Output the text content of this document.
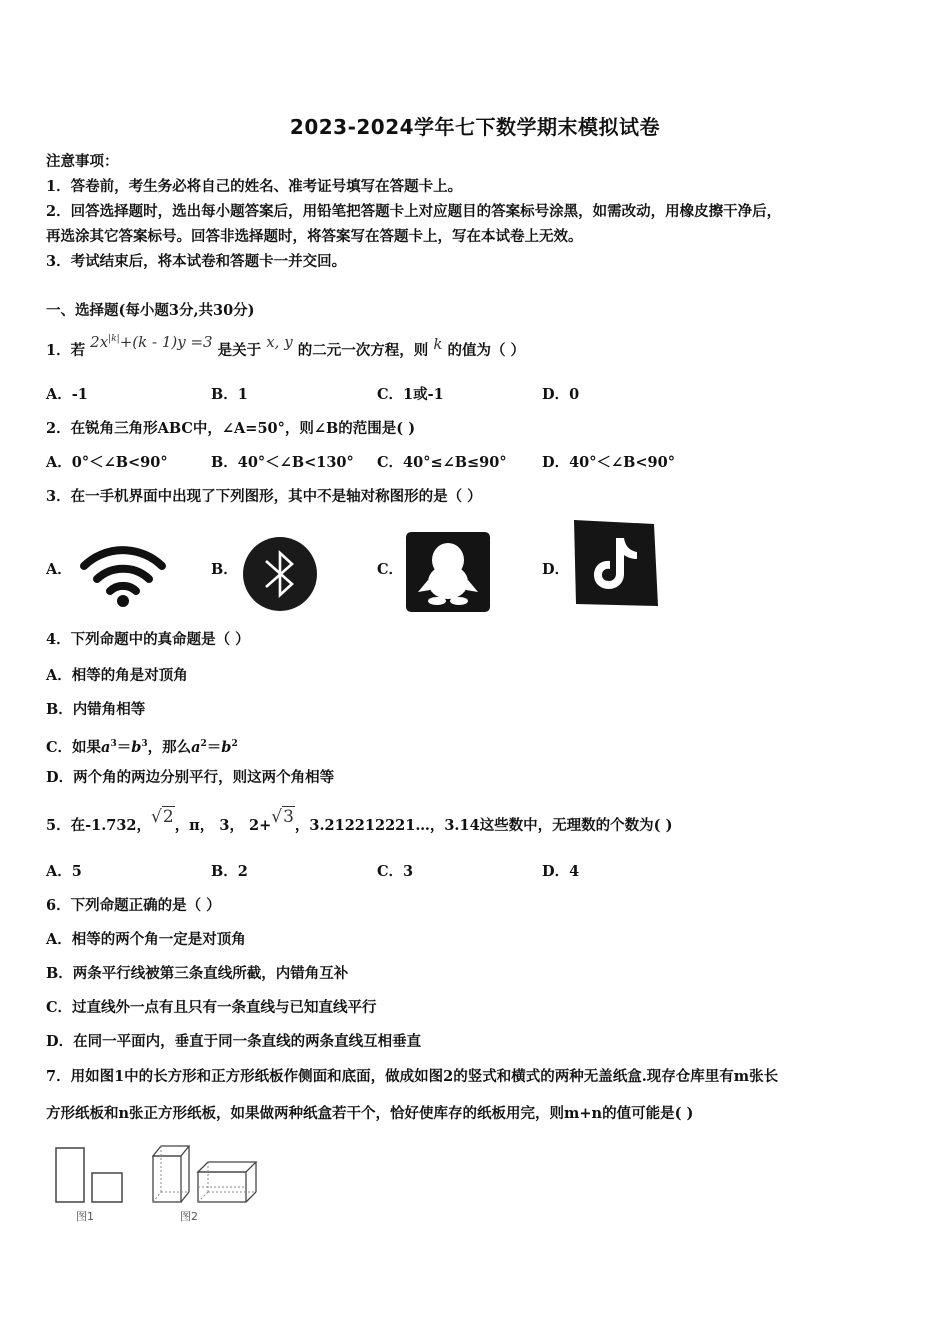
2023-2024学年七下数学期末模拟试卷
注意事项：
1．答卷前，考生务必将自己的姓名、准考证号填写在答题卡上。
2．回答选择题时，选出每小题答案后，用铅笔把答题卡上对应题目的答案标号涂黑，如需改动，用橡皮擦干净后，
再选涂其它答案标号。回答非选择题时，将答案写在答题卡上，写在本试卷上无效。
3．考试结束后，将本试卷和答题卡一并交回。
一、选择题(每小题3分,共30分)
1．若 $2x^{|k|}+(k - 1)y =3$ 是关于 x, y 的二元一次方程，则 k 的值为（ ）
A．-1	B．1	C．1或-1	D．0
2．在锐角三角形ABC中，∠A=50°，则∠B的范围是( )
A．0°＜∠B<90°	B．40°＜∠B<130° C．40°≤∠B≤90° D．40°＜∠B<90°
3．在一手机界面中出现了下列图形，其中不是轴对称图形的是（ ）
A．	B．	C．	D．
4．下列命题中的真命题是（ ）
A．相等的角是对顶角
B．内错角相等
C．如果$a^3=b^3$，那么$a^2=b^2$
D．两个角的两边分别平行，则这两个角相等
5．在-1.732，√2，π， 3， 2+√3，3.212212221…，3.14这些数中，无理数的个数为( )
A．5	B．2	C．3	D．4
6．下列命题正确的是（ ）
A．相等的两个角一定是对顶角
B．两条平行线被第三条直线所截，内错角互补
C．过直线外一点有且只有一条直线与已知直线平行
D．在同一平面内，垂直于同一条直线的两条直线互相垂直
7．用如图1中的长方形和正方形纸板作侧面和底面，做成如图2的竖式和横式的两种无盖纸盒.现存仓库里有m张长
方形纸板和n张正方形纸板，如果做两种纸盒若干个，恰好使库存的纸板用完，则m+n的值可能是( )
图1	图2
